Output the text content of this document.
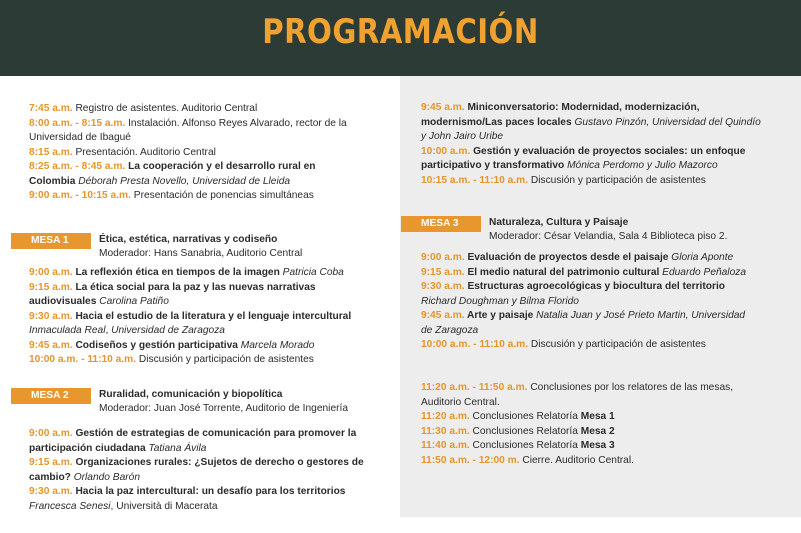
PROGRAMACIÓN
7:45 a.m. Registro de asistentes. Auditorio Central
8:00 a.m. - 8:15 a.m. Instalación. Alfonso Reyes Alvarado, rector de la
Universidad de Ibagué
8:15 a.m. Presentación. Auditorio Central
8:25 a.m. - 8:45 a.m. La cooperación y el desarrollo rural en
Colombia Déborah Presta Novello, Universidad de Lleida
9:00 a.m. - 10:15 a.m. Presentación de ponencias simultáneas
MESA 1	Ética, estética, narrativas y codiseño
Moderador: Hans Sanabria, Auditorio Central
9:00 a.m. La reflexión ética en tiempos de la imagen Patricia Coba
9:15 a.m. La ética social para la paz y las nuevas narrativas
audiovisuales Carolina Patiño
9:30 a.m. Hacia el estudio de la literatura y el lenguaje intercultural
Inmaculada Real, Universidad de Zaragoza
9:45 a.m. Codiseños y gestión participativa Marcela Morado
10:00 a.m. - 11:10 a.m. Discusión y participación de asistentes
MESA 2	Ruralidad, comunicación y biopolítica
Moderador: Juan José Torrente, Auditorio de Ingeniería
9:00 a.m. Gestión de estrategias de comunicación para promover la
participación ciudadana Tatiana Ávila
9:15 a.m. Organizaciones rurales: ¿Sujetos de derecho o gestores de
cambio? Orlando Barón
9:30 a.m. Hacia la paz intercultural: un desafío para los territorios
Francesca Senesi, Università di Macerata
9:45 a.m. Miniconversatorio: Modernidad, modernización,
modernismo/Las paces locales Gustavo Pinzón, Universidad del Quindío
y John Jairo Uribe
10:00 a.m. Gestión y evaluación de proyectos sociales: un enfoque
participativo y transformativo Mónica Perdomo y Julio Mazorco
10:15 a.m. - 11:10 a.m. Discusión y participación de asistentes
MESA 3	Naturaleza, Cultura y Paisaje
Moderador: César Velandia, Sala 4 Biblioteca piso 2.
9:00 a.m. Evaluación de proyectos desde el paisaje Gloria Aponte
9:15 a.m. El medio natural del patrimonio cultural Eduardo Peñaloza
9:30 a.m. Estructuras agroecológicas y biocultura del territorio
Richard Doughman y Bilma Florido
9:45 a.m. Arte y paisaje Natalia Juan y José Prieto Martin, Universidad
de Zaragoza
10:00 a.m. - 11:10 a.m. Discusión y participación de asistentes
11:20 a.m. - 11:50 a.m. Conclusiones por los relatores de las mesas,
Auditorio Central.
11:20 a.m. Conclusiones Relatoría Mesa 1
11:30 a.m. Conclusiones Relatoría Mesa 2
11:40 a.m. Conclusiones Relatoría Mesa 3
11:50 a.m. - 12:00 m. Cierre. Auditorio Central.
